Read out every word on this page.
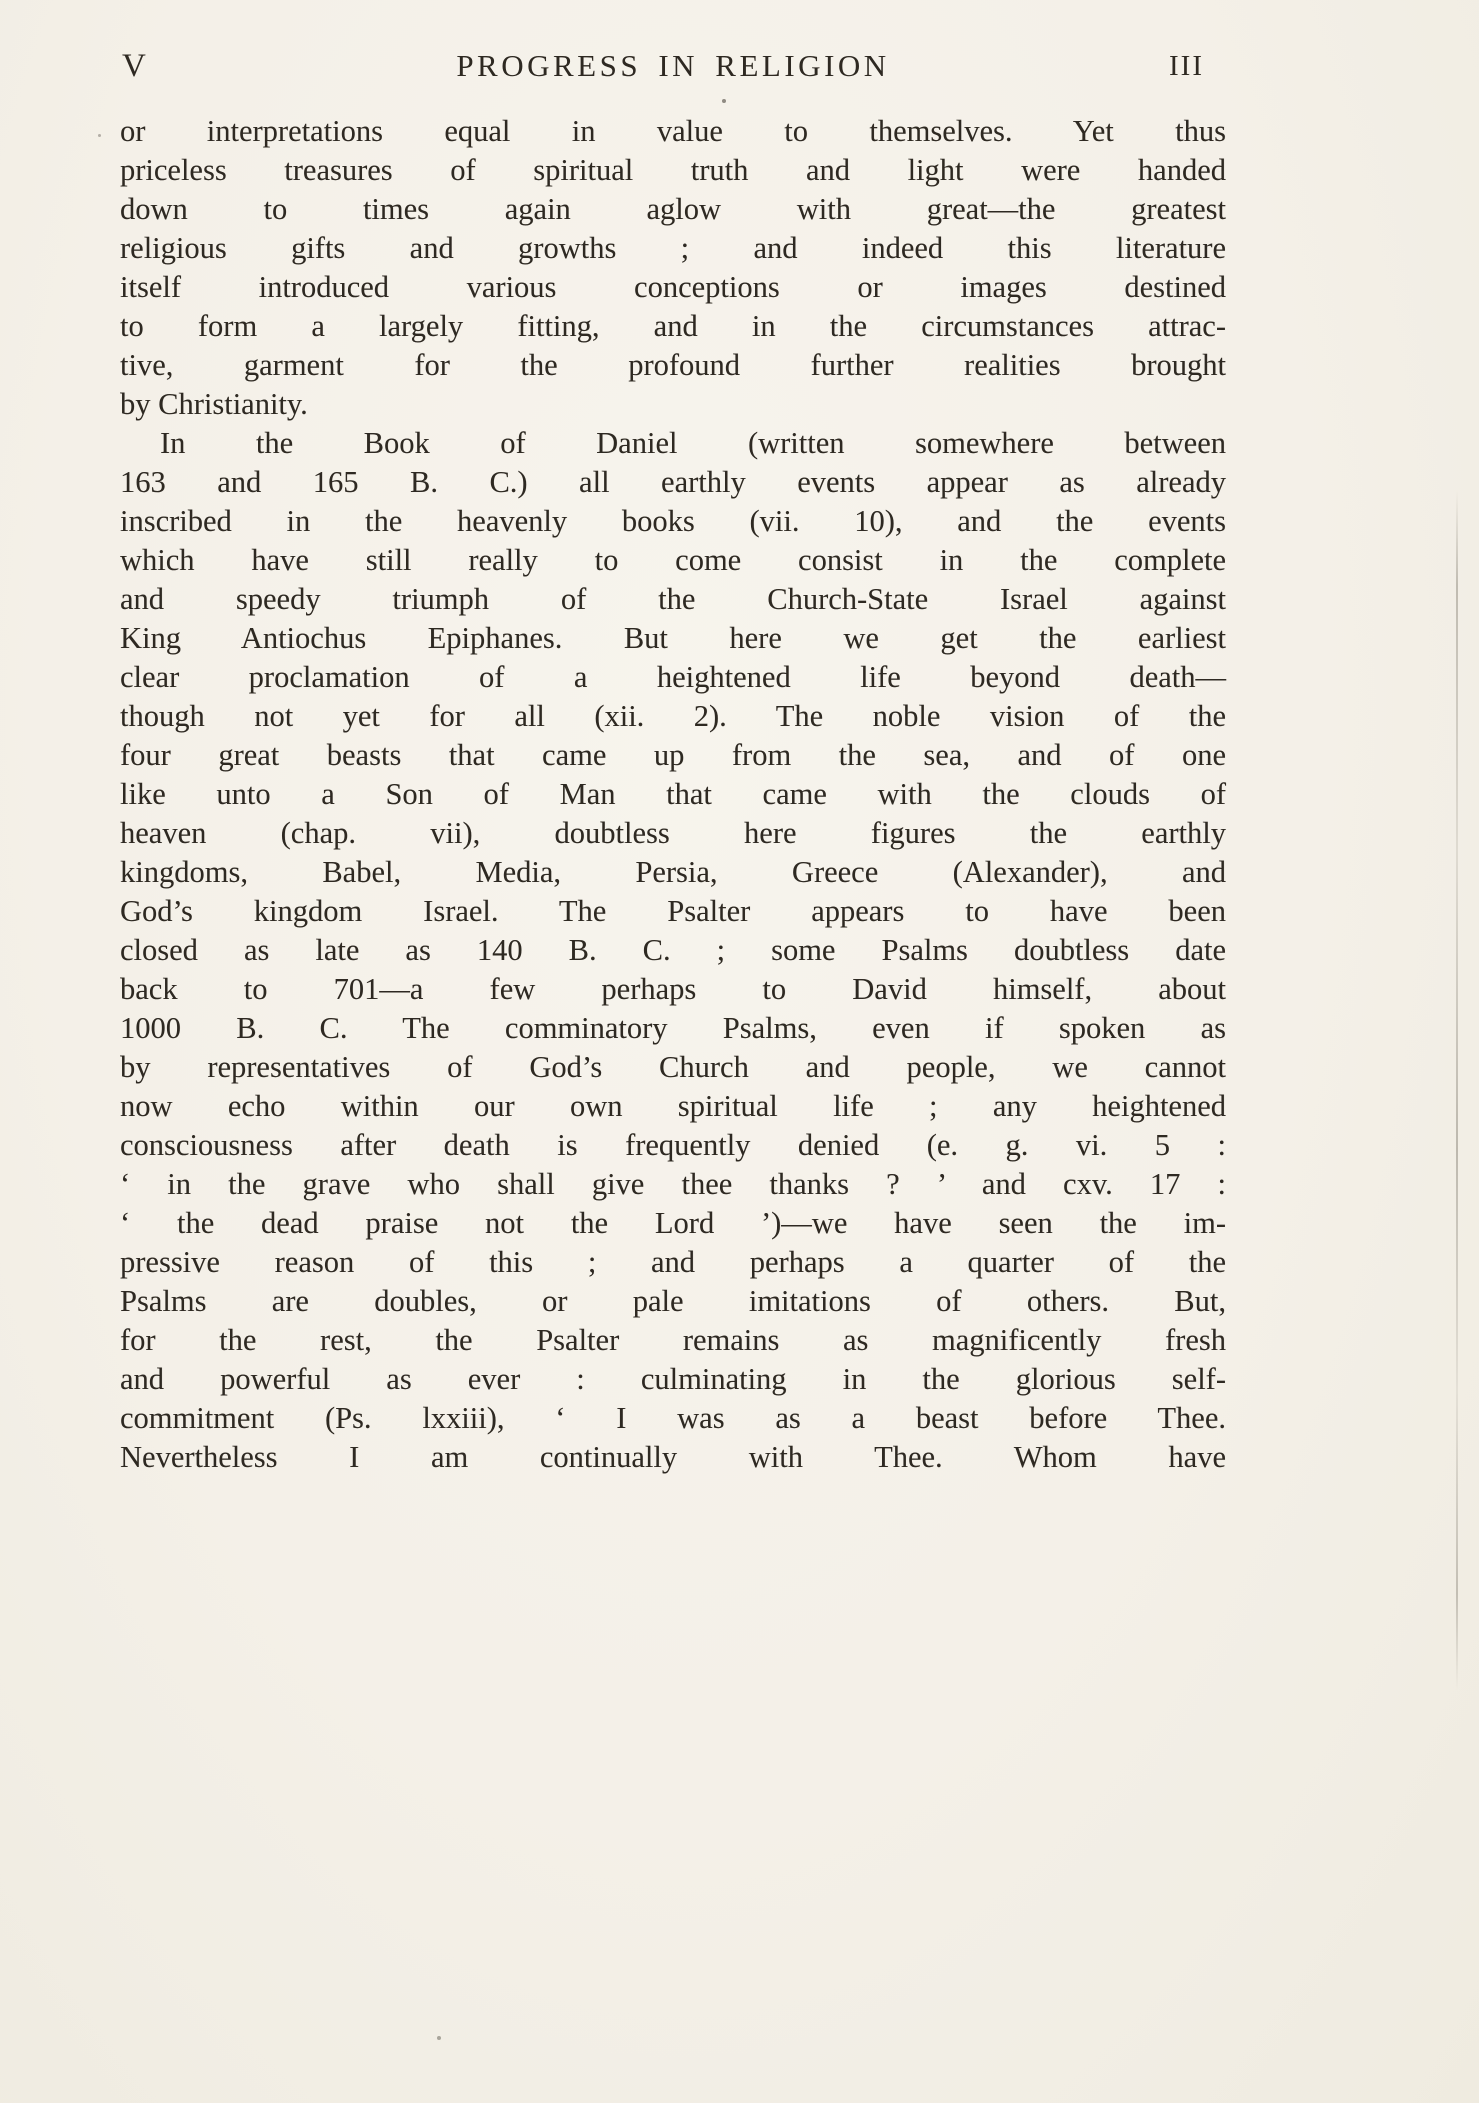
V	PROGRESS IN RELIGION	III
or interpretations equal in value to themselves. Yet thus
priceless treasures of spiritual truth and light were handed
down to times again aglow with great—the greatest
religious gifts and growths ; and indeed this literature
itself introduced various conceptions or images destined
to form a largely fitting, and in the circumstances attrac-
tive, garment for the profound further realities brought
by Christianity.
In the Book of Daniel (written somewhere between
163 and 165 B. C.) all earthly events appear as already
inscribed in the heavenly books (vii. 10), and the events
which have still really to come consist in the complete
and speedy triumph of the Church-State Israel against
King Antiochus Epiphanes. But here we get the earliest
clear proclamation of a heightened life beyond death—
though not yet for all (xii. 2). The noble vision of the
four great beasts that came up from the sea, and of one
like unto a Son of Man that came with the clouds of
heaven (chap. vii), doubtless here figures the earthly
kingdoms, Babel, Media, Persia, Greece (Alexander), and
God’s kingdom Israel. The Psalter appears to have been
closed as late as 140 B. C. ; some Psalms doubtless date
back to 701—a few perhaps to David himself, about
1000 B. C. The comminatory Psalms, even if spoken as
by representatives of God’s Church and people, we cannot
now echo within our own spiritual life ; any heightened
consciousness after death is frequently denied (e. g. vi. 5 :
‘ in the grave who shall give thee thanks ? ’ and cxv. 17 :
‘ the dead praise not the Lord ’)—we have seen the im-
pressive reason of this ; and perhaps a quarter of the
Psalms are doubles, or pale imitations of others. But,
for the rest, the Psalter remains as magnificently fresh
and powerful as ever : culminating in the glorious self-
commitment (Ps. lxxiii), ‘ I was as a beast before Thee.
Nevertheless I am continually with Thee. Whom have
